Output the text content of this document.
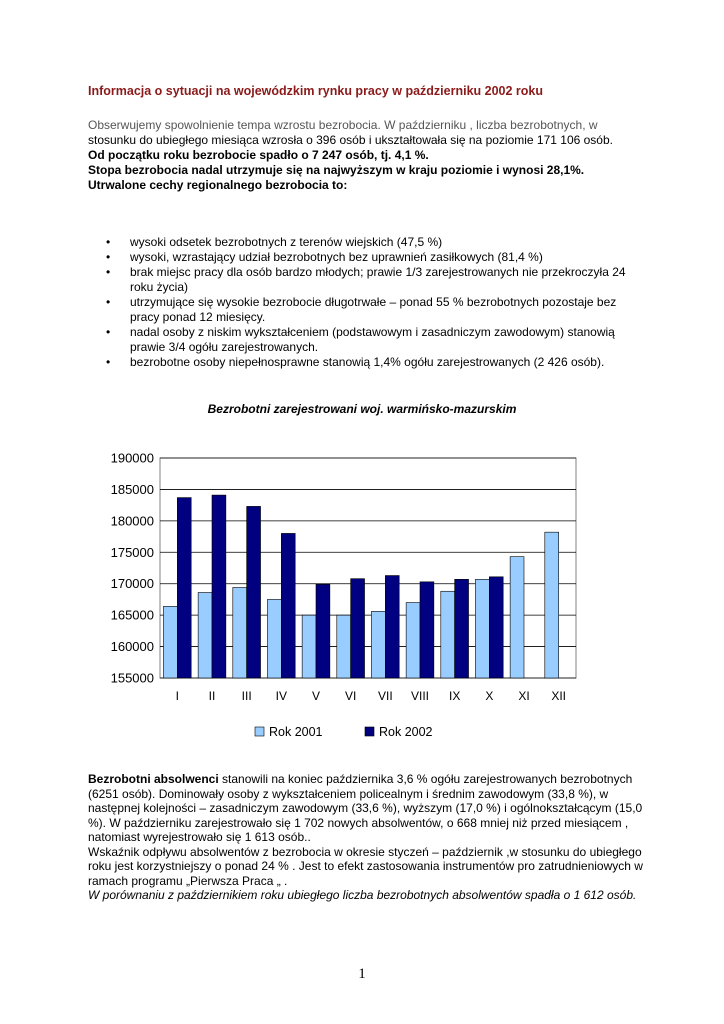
Informacja o sytuacji na wojewódzkim rynku pracy w październiku 2002 roku
Obserwujemy spowolnienie tempa wzrostu bezrobocia. W październiku , liczba bezrobotnych, w stosunku do ubiegłego miesiąca wzrosła o 396 osób i ukształtowała się na poziomie 171 106 osób.
Od początku roku bezrobocie spadło o 7 247 osób, tj. 4,1 %.
Stopa bezrobocia nadal utrzymuje się na najwyższym w kraju poziomie i wynosi 28,1%.
Utrwalone cechy regionalnego bezrobocia to:
• wysoki odsetek bezrobotnych z terenów wiejskich (47,5 %)
• wysoki, wzrastający udział bezrobotnych bez uprawnień zasiłkowych (81,4 %)
• brak miejsc pracy dla osób bardzo młodych; prawie 1/3 zarejestrowanych nie przekroczyła 24 roku życia)
• utrzymujące się wysokie bezrobocie długotrwałe – ponad 55 % bezrobotnych pozostaje bez pracy ponad 12 miesięcy.
• nadal osoby z niskim wykształceniem (podstawowym i zasadniczym zawodowym) stanowią prawie 3/4 ogółu zarejestrowanych.
• bezrobotne osoby niepełnosprawne stanowią 1,4% ogółu zarejestrowanych (2 426 osób).
Bezrobotni zarejestrowani woj. warmińsko-mazurskim
190000
185000
180000
175000
170000
165000
160000
155000
I II III IV V VI VII VIII IX X XI XII
Rok 2001	Rok 2002

Bezrobotni absolwenci stanowili na koniec października 3,6 % ogółu zarejestrowanych bezrobotnych (6251 osób). Dominowały osoby z wykształceniem policealnym i średnim zawodowym (33,8 %), w następnej kolejności – zasadniczym zawodowym (33,6 %), wyższym (17,0 %) i ogólnokształcącym (15,0 %). W październiku zarejestrowało się 1 702 nowych absolwentów, o 668 mniej niż przed miesiącem , natomiast wyrejestrowało się 1 613 osób..

Wskaźnik odpływu absolwentów z bezrobocia w okresie styczeń – październik ,w stosunku do ubiegłego roku jest korzystniejszy o ponad 24 % . Jest to efekt zastosowania instrumentów pro zatrudnieniowych w ramach programu „Pierwsza Praca „ .

W porównaniu z październikiem roku ubiegłego liczba bezrobotnych absolwentów spadła o 1 612 osób.

1
